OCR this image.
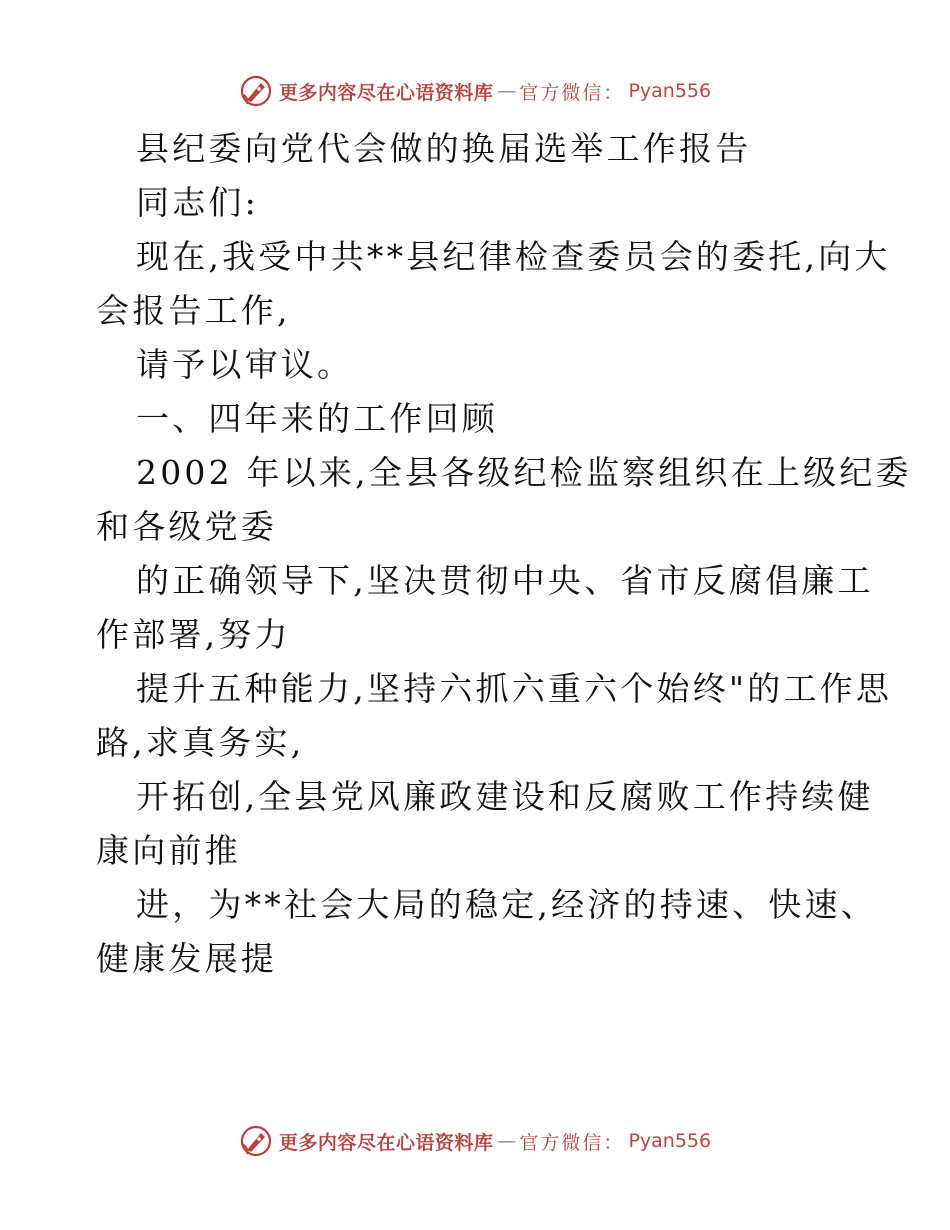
更多内容尽在心语资料库 — 官方微信： Pyan556
县纪委向党代会做的换届选举工作报告
同志们:
现在,我受中共**县纪律检查委员会的委托,向大
会报告工作,
请予以审议。
一、四年来的工作回顾
2002 年以来,全县各级纪检监察组织在上级纪委
和各级党委
的正确领导下,坚决贯彻中央、省市反腐倡廉工
作部署,努力
提升五种能力,坚持六抓六重六个始终"的工作思
路,求真务实,
开拓创,全县党风廉政建设和反腐败工作持续健
康向前推
进，为**社会大局的稳定,经济的持速、快速、
健康发展提
更多内容尽在心语资料库 — 官方微信： Pyan556
